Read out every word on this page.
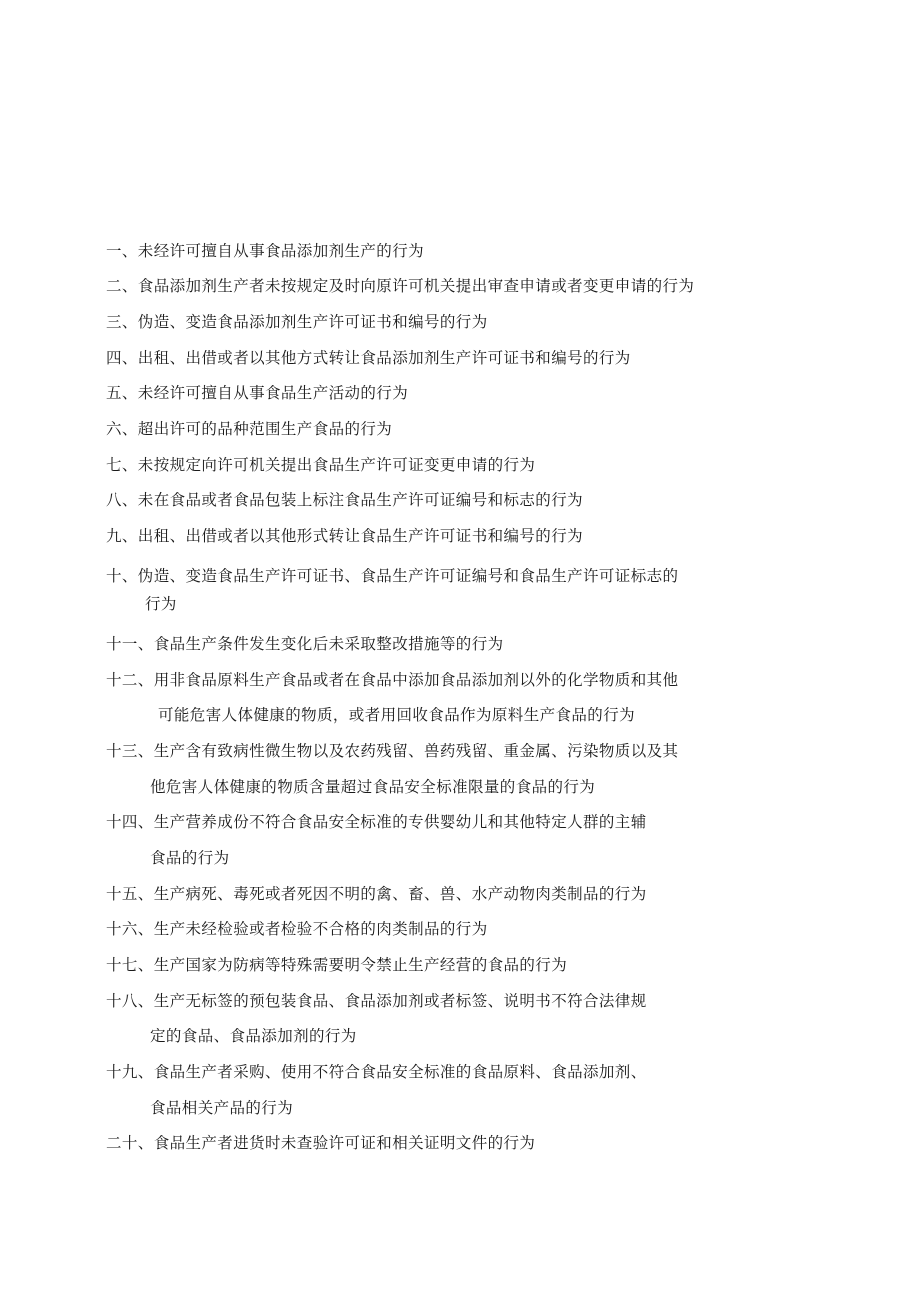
一、未经许可擅自从事食品添加剂生产的行为
二、食品添加剂生产者未按规定及时向原许可机关提出审查申请或者变更申请的行为
三、伪造、变造食品添加剂生产许可证书和编号的行为
四、出租、出借或者以其他方式转让食品添加剂生产许可证书和编号的行为
五、未经许可擅自从事食品生产活动的行为
六、超出许可的品种范围生产食品的行为
七、未按规定向许可机关提出食品生产许可证变更申请的行为
八、未在食品或者食品包装上标注食品生产许可证编号和标志的行为
九、出租、出借或者以其他形式转让食品生产许可证书和编号的行为
十、伪造、变造食品生产许可证书、食品生产许可证编号和食品生产许可证标志的
行为
十一、食品生产条件发生变化后未采取整改措施等的行为
十二、用非食品原料生产食品或者在食品中添加食品添加剂以外的化学物质和其他
可能危害人体健康的物质，或者用回收食品作为原料生产食品的行为
十三、生产含有致病性微生物以及农药残留、兽药残留、重金属、污染物质以及其
他危害人体健康的物质含量超过食品安全标准限量的食品的行为
十四、生产营养成份不符合食品安全标准的专供婴幼儿和其他特定人群的主辅
食品的行为
十五、生产病死、毒死或者死因不明的禽、畜、兽、水产动物肉类制品的行为
十六、生产未经检验或者检验不合格的肉类制品的行为
十七、生产国家为防病等特殊需要明令禁止生产经营的食品的行为
十八、生产无标签的预包装食品、食品添加剂或者标签、说明书不符合法律规
定的食品、食品添加剂的行为
十九、食品生产者采购、使用不符合食品安全标准的食品原料、食品添加剂、
食品相关产品的行为
二十、食品生产者进货时未查验许可证和相关证明文件的行为
